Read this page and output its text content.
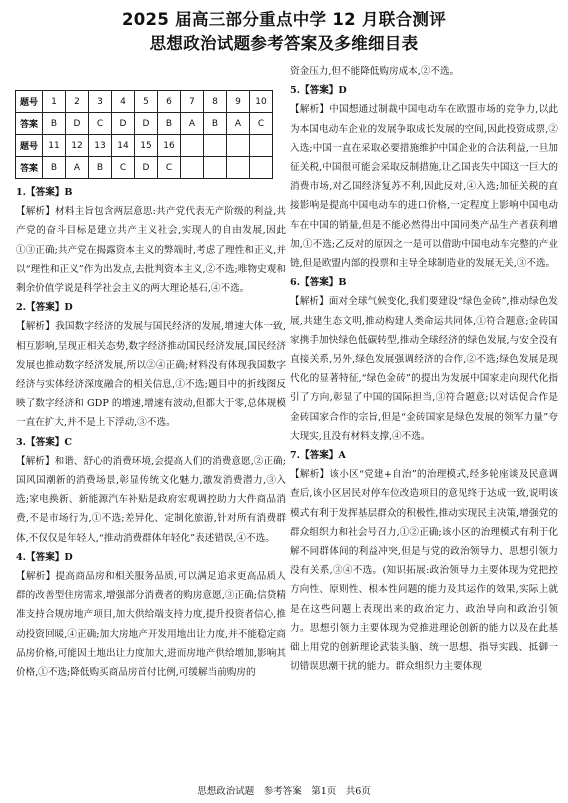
2025 届高三部分重点中学 12 月联合测评
思想政治试题参考答案及多维细目表
题号	1	2	3	4	5	6	7	8	9	10
答案	B	D	C	D	D	B	A	B	A	C
题号	11	12	13	14	15	16				
答案	B	A	B	C	D	C				

1.【答案】B

【解析】材料主旨包含两层意思:共产党代表无产阶级的利益,共产党的奋斗目标是建立共产主义社会,实现人的自由发展,因此①③正确;共产党在揭露资本主义的弊端时,考虑了理性和正义,并以“理性和正义”作为出发点,去批判资本主义,②不选;唯物史观和剩余价值学说是科学社会主义的两大理论基石,④不选。

2.【答案】D

【解析】我国数字经济的发展与国民经济的发展,增速大体一致,相互影响,呈现正相关态势,数字经济推动国民经济发展,国民经济发展也推动数字经济发展,所以②④正确;材料没有体现我国数字经济与实体经济深度融合的相关信息,①不选;题目中的折线图反映了数字经济和 GDP 的增速,增速有波动,但都大于零,总体规模一直在扩大,并不是上下浮动,③不选。

3.【答案】C

【解析】和谐、舒心的消费环境,会提高人们的消费意愿,②正确;国风国潮新的消费场景,彰显传统文化魅力,激发消费潜力,③入选;家电换新、新能源汽车补贴是政府宏观调控助力大件商品消费,不是市场行为,①不选;差异化、定制化旅游,针对所有消费群体,不仅仅是年轻人,“推动消费群体年轻化”表述错误,④不选。

4.【答案】D

【解析】提高商品房和相关服务品质,可以满足追求更高品质人群的改善型住房需求,增强部分消费者的购房意愿,③正确;信贷精准支持合规房地产项目,加大供给端支持力度,提升投资者信心,推动投资回暖,④正确;加大房地产开发用地出让力度,并不能稳定商品房价格,可能因土地出让力度加大,进而房地产供给增加,影响其价格,①不选;降低购买商品房首付比例,可缓解当前购房的

资金压力,但不能降低购房成本,②不选。

5.【答案】D

【解析】中国想通过制裁中国电动车在欧盟市场的竞争力,以此为本国电动车企业的发展争取成长发展的空间,因此投资成票,②入选;中国一直在采取必要措施维护中国企业的合法利益,一旦加征关税,中国很可能会采取反制措施,让乙国丧失中国这一巨大的消费市场,对乙国经济复苏不利,因此反对,④入选;加征关税的直接影响是提高中国电动车的进口价格,一定程度上影响中国电动车在中国的销量,但是不能必然得出中国同类产品生产者获利增加,①不选;乙反对的原因之一是可以借助中国电动车完整的产业链,但是欧盟内部的投票和主导全球制造业的发展无关,③不选。

6.【答案】B

【解析】面对全球气候变化,我们要建设“绿色金砖”,推动绿色发展,共建生态文明,推动构建人类命运共同体,①符合题意;金砖国家携手加快绿色低碳转型,推动全球经济的绿色发展,与安全没有直接关系,另外,绿色发展强调经济的合作,②不选;绿色发展是现代化的显著特征,“绿色金砖”的提出为发展中国家走向现代化指引了方向,彰显了中国的国际担当,③符合题意;以对话促合作是金砖国家合作的宗旨,但是“金砖国家是绿色发展的领军力量”夸大现实,且没有材料支撑,④不选。

7.【答案】A

【解析】该小区“党建+自治”的治理模式,经多轮座谈及民意调查后,该小区居民对停车位改造项目的意见终于达成一致,说明该模式有利于发挥基层群众的积极性,推动实现民主决策,增强党的群众组织力和社会号召力,①②正确;该小区的治理模式有利于化解不同群体间的利益冲突,但是与党的政治领导力、思想引领力没有关系,③④不选。(知识拓展:政治领导力主要体现为党把控方向性、原则性、根本性问题的能力及其运作的效果,实际上就是在这些问题上表现出来的政治定力、政治导向和政治引领力。思想引领力主要体现为党推进理论创新的能力以及在此基础上用党的创新理论武装头脑、统一思想、指导实践、抵御一切错误思潮干扰的能力。群众组织力主要体现

思想政治试题　参考答案　第1页　共6页
